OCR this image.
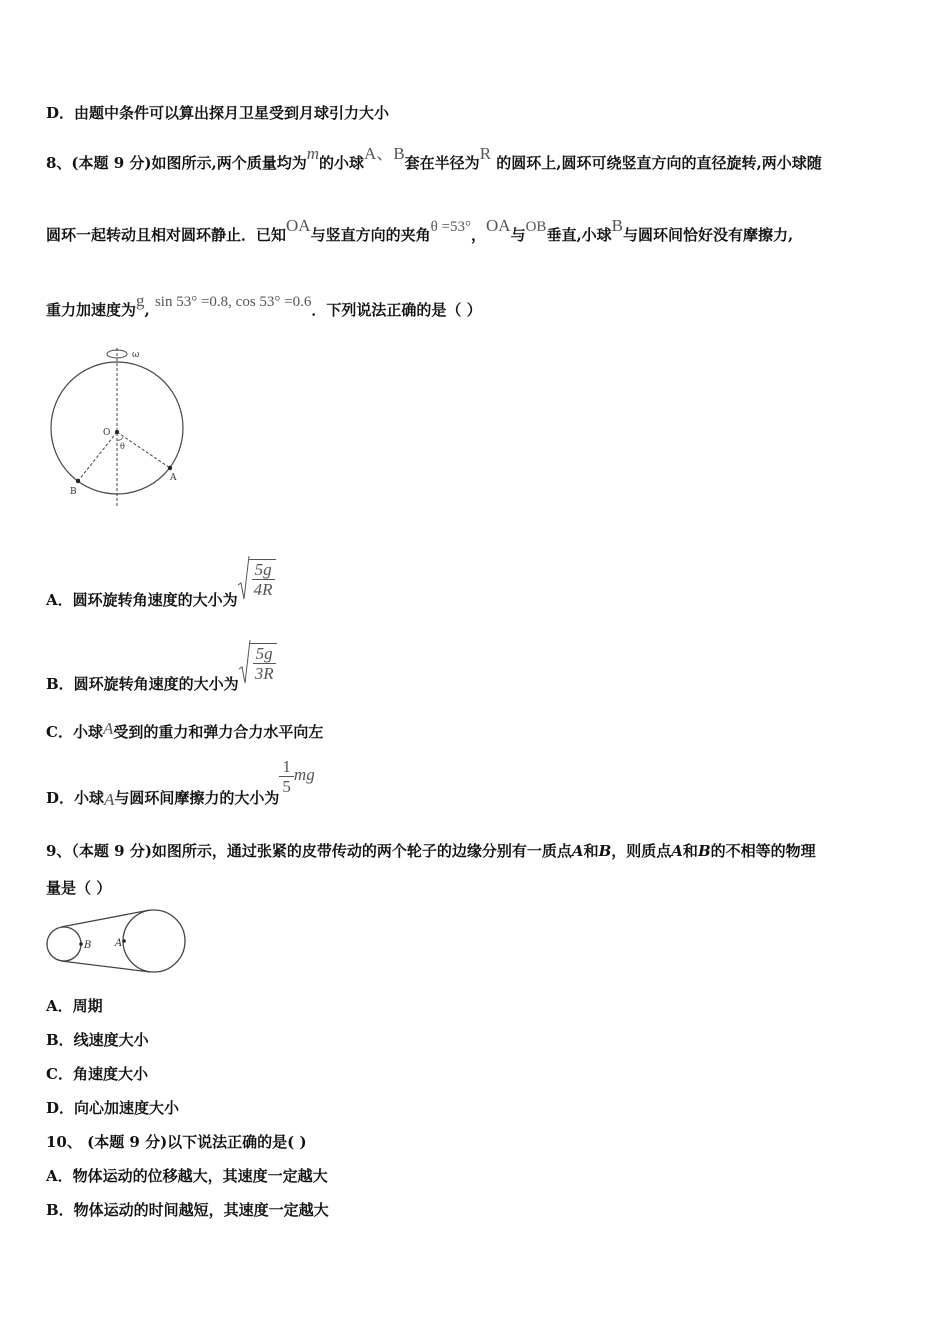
D．由题中条件可以算出探月卫星受到月球引力大小
8、(本题 9 分)如图所示,两个质量均为m的小球A、B套在半径为R 的圆环上,圆环可绕竖直方向的直径旋转,两小球随
圆环一起转动且相对圆环静止．已知OA与竖直方向的夹角θ =53°，OA与OB垂直,小球B与圆环间恰好没有摩擦力,
重力加速度为g, sin 53° =0.8, cos 53° =0.6．下列说法正确的是（ ）
ω
O
θ
A
B
A．圆环旋转角速度的大小为
$\frac{5g}{4R}$
B．圆环旋转角速度的大小为
$\frac{5g}{3R}$
C．小球A受到的重力和弹力合力水平向左
D．小球A与圆环间摩擦力的大小为
$\frac{1}{5}$ mg
9、（本题 9 分)如图所示，通过张紧的皮带传动的两个轮子的边缘分别有一质点A和B，则质点A和B的不相等的物理
量是（ ）
B A
A．周期
B．线速度大小
C．角速度大小
D．向心加速度大小
10、 (本题 9 分)以下说法正确的是( )
A．物体运动的位移越大，其速度一定越大
B．物体运动的时间越短，其速度一定越大
